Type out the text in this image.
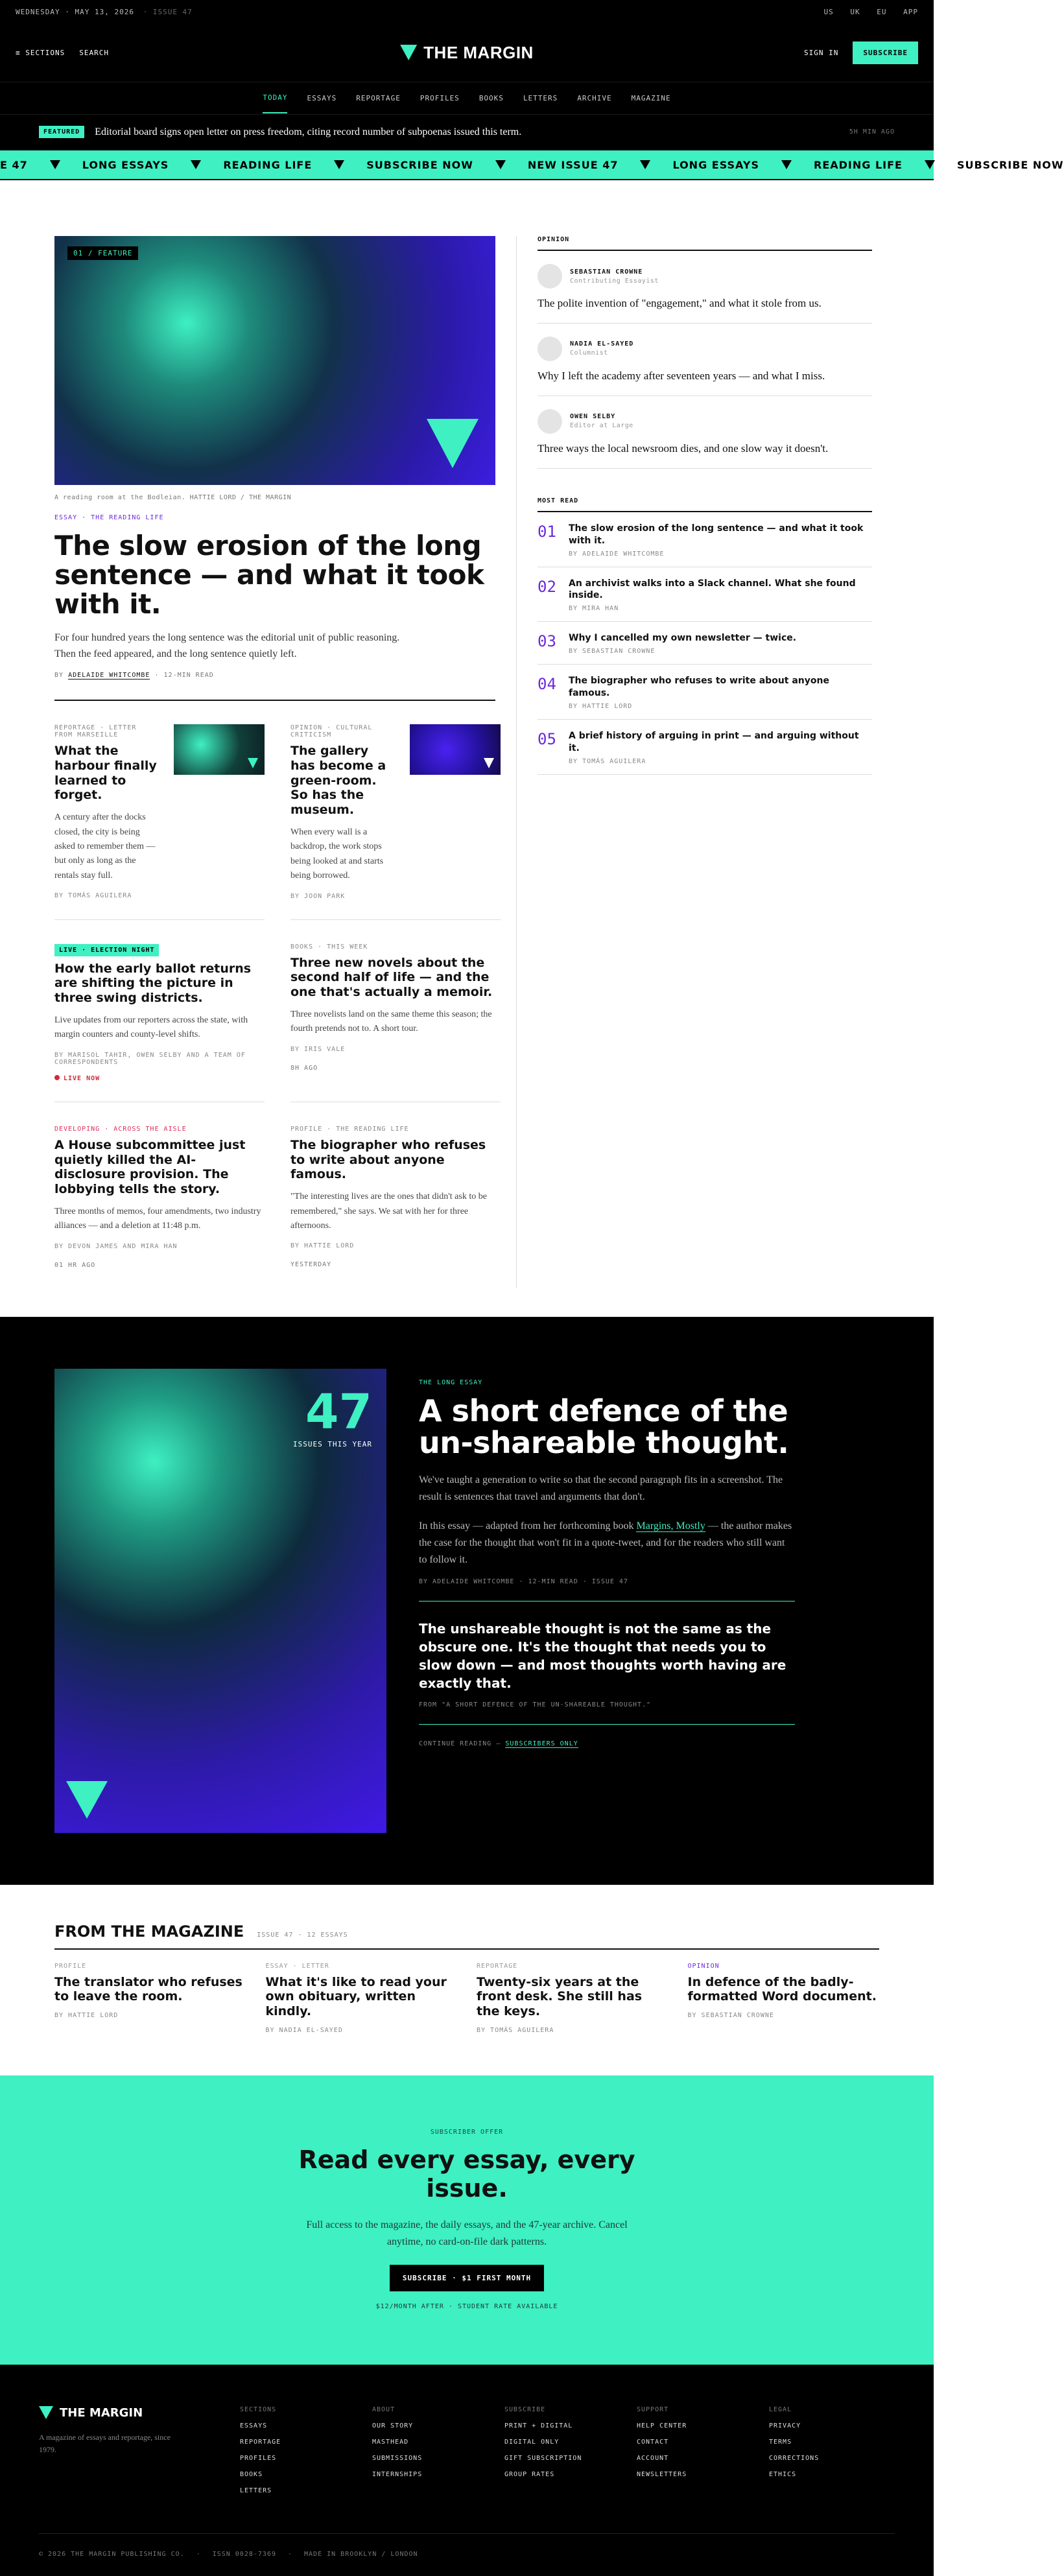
WEDNESDAY · MAY 13, 2026 · ISSUE 47	US UK EU APP
≡ SECTIONS SEARCH	THE MARGIN	SIGN IN	SUBSCRIBE
TODAY	ESSAYS	REPORTAGE	PROFILES	BOOKS	LETTERS	ARCHIVE	MAGAZINE
FEATURED	Editorial board signs open letter on press freedom, citing record number of subpoenas issued this term.	5H MIN AGO
E 47	LONG ESSAYS	READING LIFE	SUBSCRIBE NOW	NEW ISSUE 47	LONG ESSAYS	READING LIFE	SUBSCRIBE NOW
01 / FEATURE
A reading room at the Bodleian. HATTIE LORD / THE MARGIN
ESSAY · THE READING LIFE
The slow erosion of the long sentence — and what it took with it.

For four hundred years the long sentence was the editorial unit of public reasoning. Then the feed appeared, and the long sentence quietly left.

BY ADELAIDE WHITCOMBE · 12-MIN READ
REPORTAGE · LETTER FROM MARSEILLE
What the harbour finally learned to forget.

A century after the docks closed, the city is being asked to remember them — but only as long as the rentals stay full.

BY TOMÁS AGUILERA
OPINION · CULTURAL CRITICISM
The gallery has become a green-room. So has the museum.

When every wall is a backdrop, the work stops being looked at and starts being borrowed.

BY JOON PARK
LIVE · ELECTION NIGHT
How the early ballot returns are shifting the picture in three swing districts.

Live updates from our reporters across the state, with margin counters and county-level shifts.

BY MARISOL TAHIR, OWEN SELBY AND A TEAM OF CORRESPONDENTS
LIVE NOW
BOOKS · THIS WEEK
Three new novels about the second half of life — and the one that's actually a memoir.

Three novelists land on the same theme this season; the fourth pretends not to. A short tour.

BY IRIS VALE
8H AGO
DEVELOPING · ACROSS THE AISLE
A House subcommittee just quietly killed the AI-disclosure provision. The lobbying tells the story.

Three months of memos, four amendments, two industry alliances — and a deletion at 11:48 p.m.

BY DEVON JAMES AND MIRA HAN
01 HR AGO
PROFILE · THE READING LIFE
The biographer who refuses to write about anyone famous.

"The interesting lives are the ones that didn't ask to be remembered," she says. We sat with her for three afternoons.

BY HATTIE LORD
YESTERDAY
OPINION
SEBASTIAN CROWNE
Contributing Essayist
The polite invention of "engagement," and what it stole from us.
NADIA EL-SAYED
Columnist
Why I left the academy after seventeen years — and what I miss.
OWEN SELBY
Editor at Large
Three ways the local newsroom dies, and one slow way it doesn't.
MOST READ
01 The slow erosion of the long sentence — and what it took with it.
BY ADELAIDE WHITCOMBE
02 An archivist walks into a Slack channel. What she found inside.
BY MIRA HAN
03 Why I cancelled my own newsletter — twice.
BY SEBASTIAN CROWNE
04 The biographer who refuses to write about anyone famous.
BY HATTIE LORD
05 A brief history of arguing in print — and arguing without it.
BY TOMÁS AGUILERA
47
ISSUES THIS YEAR
THE LONG ESSAY
A short defence of the un-shareable thought.

We've taught a generation to write so that the second paragraph fits in a screenshot. The result is sentences that travel and arguments that don't.

In this essay — adapted from her forthcoming book Margins, Mostly — the author makes the case for the thought that won't fit in a quote-tweet, and for the readers who still want to follow it.

BY ADELAIDE WHITCOMBE · 12-MIN READ · ISSUE 47
The unshareable thought is not the same as the obscure one. It's the thought that needs you to slow down — and most thoughts worth having are exactly that.
FROM "A SHORT DEFENCE OF THE UN-SHAREABLE THOUGHT."
CONTINUE READING — SUBSCRIBERS ONLY
FROM THE MAGAZINE ISSUE 47 · 12 ESSAYS
PROFILE
The translator who refuses to leave the room.
BY HATTIE LORD
ESSAY · LETTER
What it's like to read your own obituary, written kindly.
BY NADIA EL-SAYED
REPORTAGE
Twenty-six years at the front desk. She still has the keys.
BY TOMÁS AGUILERA
OPINION
In defence of the badly-formatted Word document.
BY SEBASTIAN CROWNE
SUBSCRIBER OFFER
Read every essay, every issue.

Full access to the magazine, the daily essays, and the 47-year archive. Cancel anytime, no card-on-file dark patterns.

SUBSCRIBE · $1 FIRST MONTH
$12/MONTH AFTER · STUDENT RATE AVAILABLE
THE MARGIN
A magazine of essays and reportage, since 1979.
SECTIONS
ESSAYS
REPORTAGE
PROFILES
BOOKS
LETTERS
ABOUT
OUR STORY
MASTHEAD
SUBMISSIONS
INTERNSHIPS
SUBSCRIBE
PRINT + DIGITAL
DIGITAL ONLY
GIFT SUBSCRIPTION
GROUP RATES
SUPPORT
HELP CENTER
CONTACT
ACCOUNT
NEWSLETTERS
LEGAL
PRIVACY
TERMS
CORRECTIONS
ETHICS
© 2026 THE MARGIN PUBLISHING CO. · ISSN 0028-7369 · MADE IN BROOKLYN / LONDON
